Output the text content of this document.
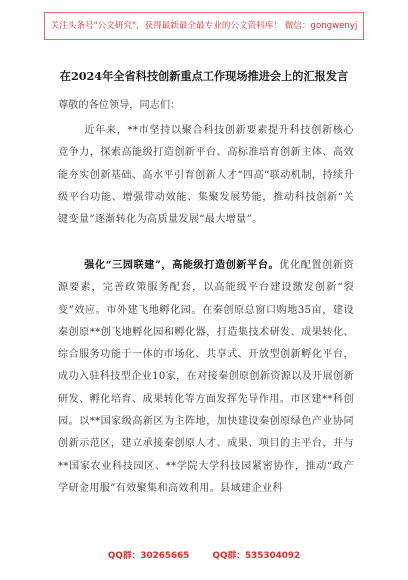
关注头条号"公文研究"，获得最新最全最专业的公文资料库！ 微信：gongwenyj
在2024年全省科技创新重点工作现场推进会上的汇报发言
尊敬的各位领导，同志们：
近年来，**市坚持以聚合科技创新要素提升科技创新核心竞争力，探索高能级打造创新平台、高标准培育创新主体、高效能夯实创新基础、高水平引育创新人才“四高”联动机制，持续升级平台功能、增强带动效能、集聚发展势能，推动科技创新“关键变量”逐渐转化为高质量发展“最大增量”。
强化“三园联建”，高能级打造创新平台。优化配置创新资源要素，完善政策服务配套，以高能级平台建设激发创新“裂变”效应。市外建飞地孵化园。在秦创原总窗口购地35亩，建设秦创原**创飞地孵化园和孵化器，打造集技术研发、成果转化、综合服务功能于一体的市场化、共享式、开放型创新孵化平台，成功入驻科技型企业10家，在对接秦创原创新资源以及开展创新研发、孵化培育、成果转化等方面发挥先导作用。市区建**科创园。以**国家级高新区为主阵地，加快建设秦创原绿色产业协同创新示范区，建立承接秦创原人才、成果、项目的主平台，并与**国家农业科技园区、**学院大学科技园紧密协作，推动“政产学研金用服”有效聚集和高效利用。县域建企业科
QQ群：30265665	QQ群：535304092
